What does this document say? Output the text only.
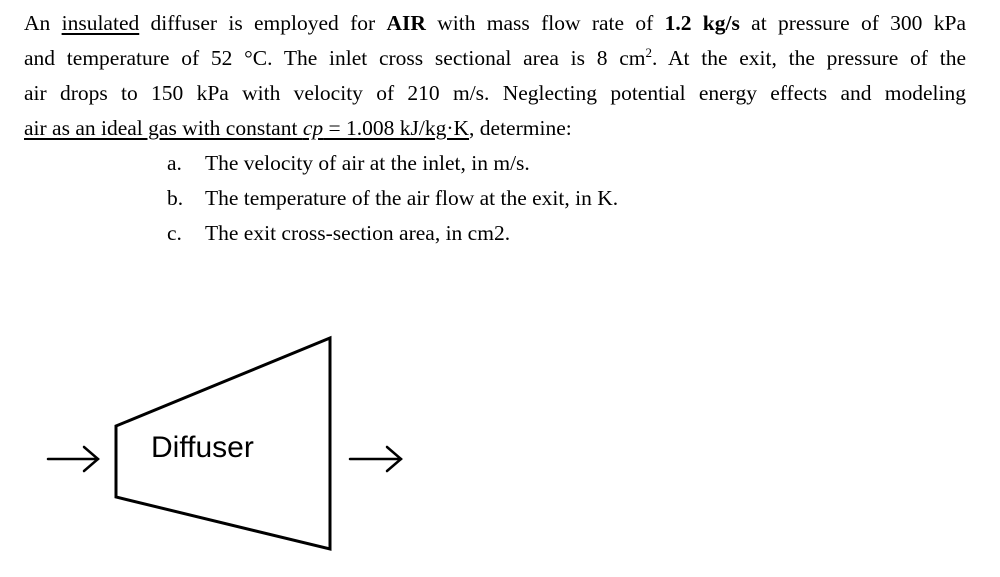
An insulated diffuser is employed for AIR with mass flow rate of 1.2 kg/s at pressure of 300 kPa
and temperature of 52 °C. The inlet cross sectional area is 8 $cm^2$. At the exit, the pressure of the
air drops to 150 kPa with velocity of 210 m/s. Neglecting potential energy effects and modeling
air as an ideal gas with constant cp = 1.008 kJ/kg·K, determine:
a.	The velocity of air at the inlet, in m/s.
b.	The temperature of the air flow at the exit, in K.
c.	The exit cross-section area, in cm2.
Diffuser
